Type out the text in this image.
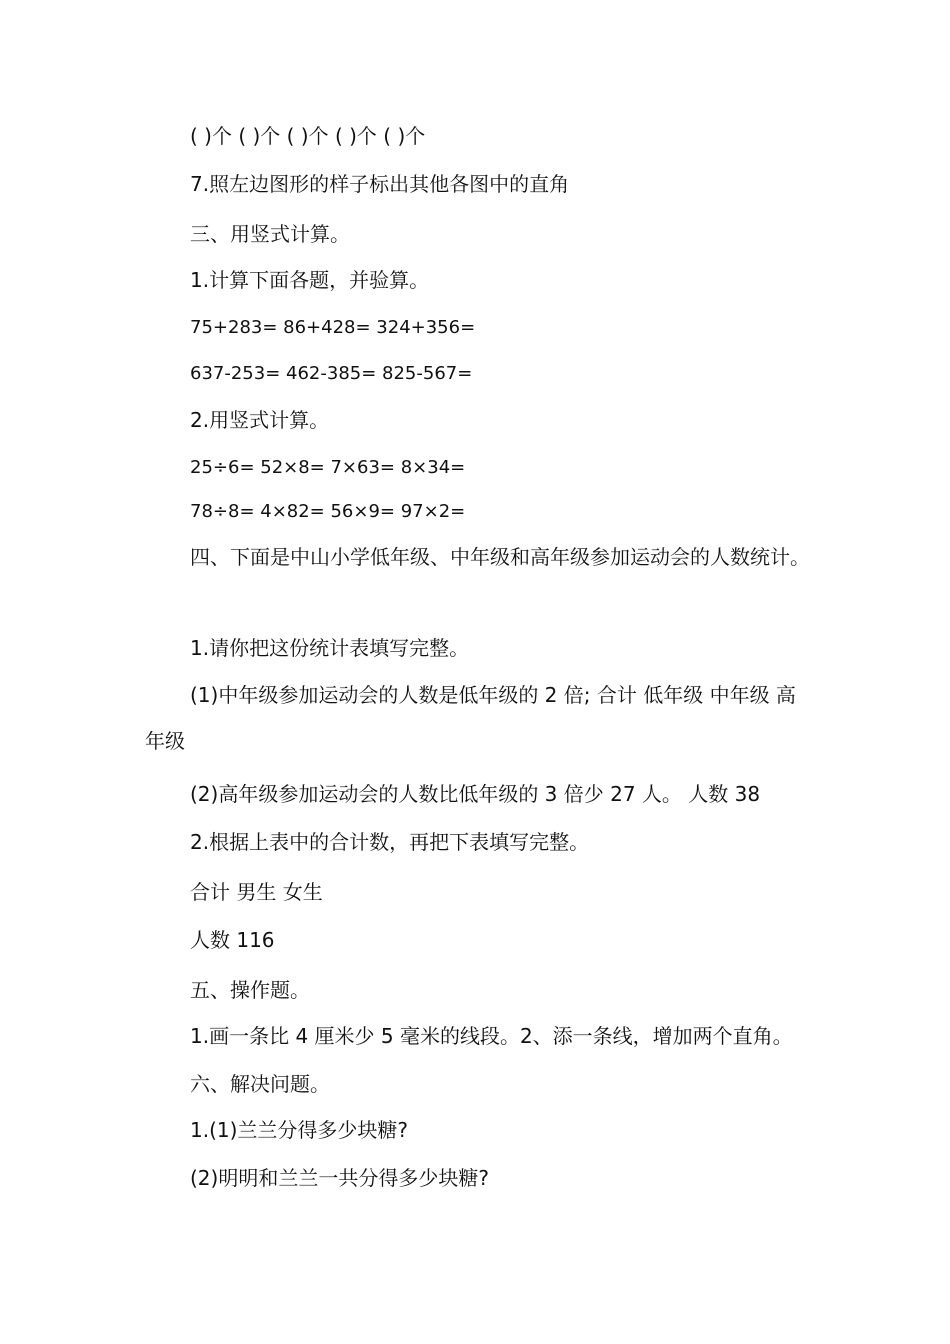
( )个 ( )个 ( )个 ( )个 ( )个
7.照左边图形的样子标出其他各图中的直角
三、用竖式计算。
1.计算下面各题，并验算。
75+283= 86+428= 324+356=
637-253= 462-385= 825-567=
2.用竖式计算。
25÷6= 52×8= 7×63= 8×34=
78÷8= 4×82= 56×9= 97×2=
四、下面是中山小学低年级、中年级和高年级参加运动会的人数统计。
1.请你把这份统计表填写完整。
(1)中年级参加运动会的人数是低年级的 2 倍; 合计 低年级 中年级 高年级
(2)高年级参加运动会的人数比低年级的 3 倍少 27 人。 人数 38
2.根据上表中的合计数，再把下表填写完整。
合计 男生 女生
人数 116
五、操作题。
1.画一条比 4 厘米少 5 毫米的线段。2、添一条线，增加两个直角。
六、解决问题。
1.(1)兰兰分得多少块糖?
(2)明明和兰兰一共分得多少块糖?
